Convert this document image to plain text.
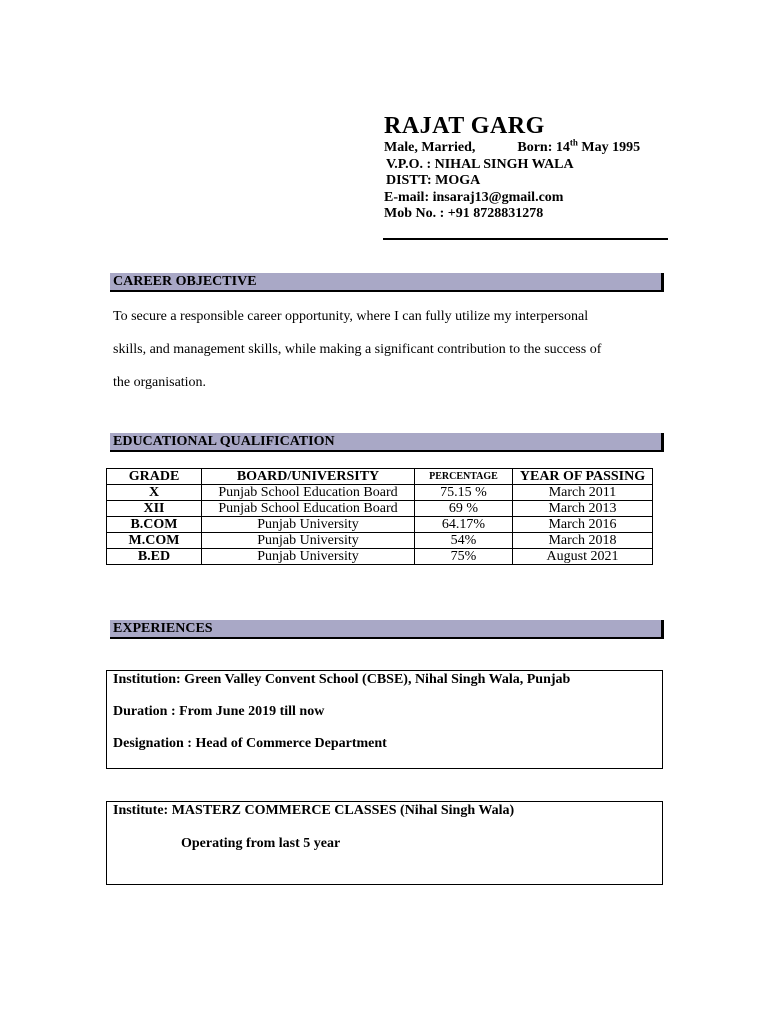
RAJAT GARG
Male, Married,	Born: 14th May 1995
V.P.O. : NIHAL SINGH WALA
DISTT: MOGA
E-mail: insaraj13@gmail.com
Mob No. : +91 8728831278
CAREER OBJECTIVE
To secure a responsible career opportunity, where I can fully utilize my interpersonal
skills, and management skills, while making a significant contribution to the success of
the organisation.
EDUCATIONAL QUALIFICATION
GRADE	BOARD/UNIVERSITY	PERCENTAGE	YEAR OF PASSING
X	Punjab School Education Board	75.15 %	March 2011
XII	Punjab School Education Board	69 %	March 2013
B.COM	Punjab University	64.17%	March 2016
M.COM	Punjab University	54%	March 2018
B.ED	Punjab University	75%	August 2021
EXPERIENCES
Institution: Green Valley Convent School (CBSE), Nihal Singh Wala, Punjab
Duration : From June 2019 till now
Designation : Head of Commerce Department
Institute: MASTERZ COMMERCE CLASSES (Nihal Singh Wala)
Operating from last 5 year
